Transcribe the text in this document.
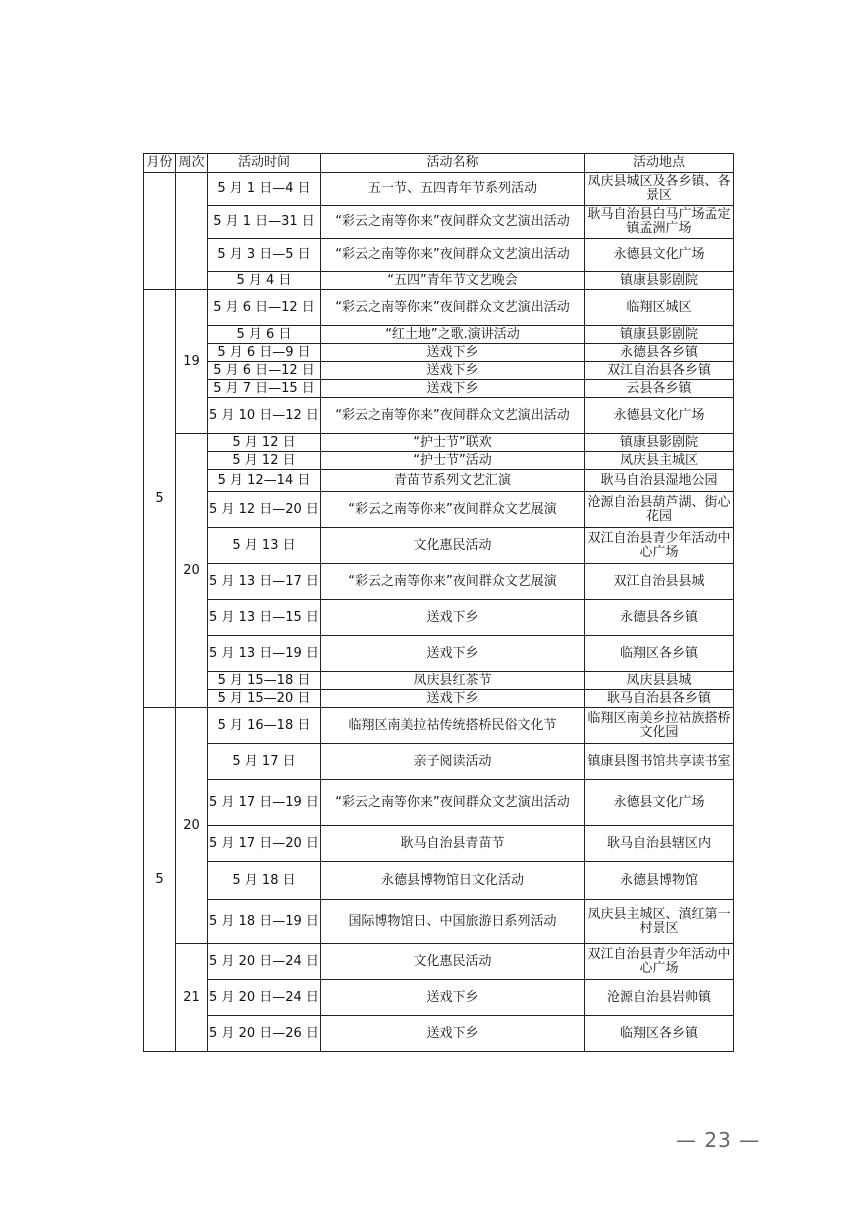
月份	周次	活动时间	活动名称	活动地点
		5 月 1 日—4 日	五一节、五四青年节系列活动	凤庆县城区及各乡镇、各景区
		5 月 1 日—31 日	“彩云之南等你来”夜间群众文艺演出活动	耿马自治县白马广场孟定镇孟洲广场
		5 月 3 日—5 日	“彩云之南等你来”夜间群众文艺演出活动	永德县文化广场
		5 月 4 日	“五四”青年节文艺晚会	镇康县影剧院
5	19	5 月 6 日—12 日	“彩云之南等你来”夜间群众文艺演出活动	临翔区城区
		5 月 6 日	“红土地”之歌.演讲活动	镇康县影剧院
		5 月 6 日—9 日	送戏下乡	永德县各乡镇
		5 月 6 日—12 日	送戏下乡	双江自治县各乡镇
		5 月 7 日—15 日	送戏下乡	云县各乡镇
		5 月 10 日—12 日	“彩云之南等你来”夜间群众文艺演出活动	永德县文化广场
	20	5 月 12 日	“护士节”联欢	镇康县影剧院
		5 月 12 日	“护士节”活动	凤庆县主城区
		5 月 12—14 日	青苗节系列文艺汇演	耿马自治县湿地公园
		5 月 12 日—20 日	“彩云之南等你来”夜间群众文艺展演	沧源自治县葫芦湖、街心花园
		5 月 13 日	文化惠民活动	双江自治县青少年活动中心广场
		5 月 13 日—17 日	“彩云之南等你来”夜间群众文艺展演	双江自治县县城
		5 月 13 日—15 日	送戏下乡	永德县各乡镇
		5 月 13 日—19 日	送戏下乡	临翔区各乡镇
		5 月 15—18 日	凤庆县红茶节	凤庆县县城
		5 月 15—20 日	送戏下乡	耿马自治县各乡镇
5	20	5 月 16—18 日	临翔区南美拉祜传统搭桥民俗文化节	临翔区南美乡拉祜族搭桥文化园
		5 月 17 日	亲子阅读活动	镇康县图书馆共享读书室
		5 月 17 日—19 日	“彩云之南等你来”夜间群众文艺演出活动	永德县文化广场
		5 月 17 日—20 日	耿马自治县青苗节	耿马自治县辖区内
		5 月 18 日	永德县博物馆日文化活动	永德县博物馆
		5 月 18 日—19 日	国际博物馆日、中国旅游日系列活动	凤庆县主城区、滇红第一村景区
	21	5 月 20 日—24 日	文化惠民活动	双江自治县青少年活动中心广场
		5 月 20 日—24 日	送戏下乡	沧源自治县岩帅镇
		5 月 20 日—26 日	送戏下乡	临翔区各乡镇
— 23 —
